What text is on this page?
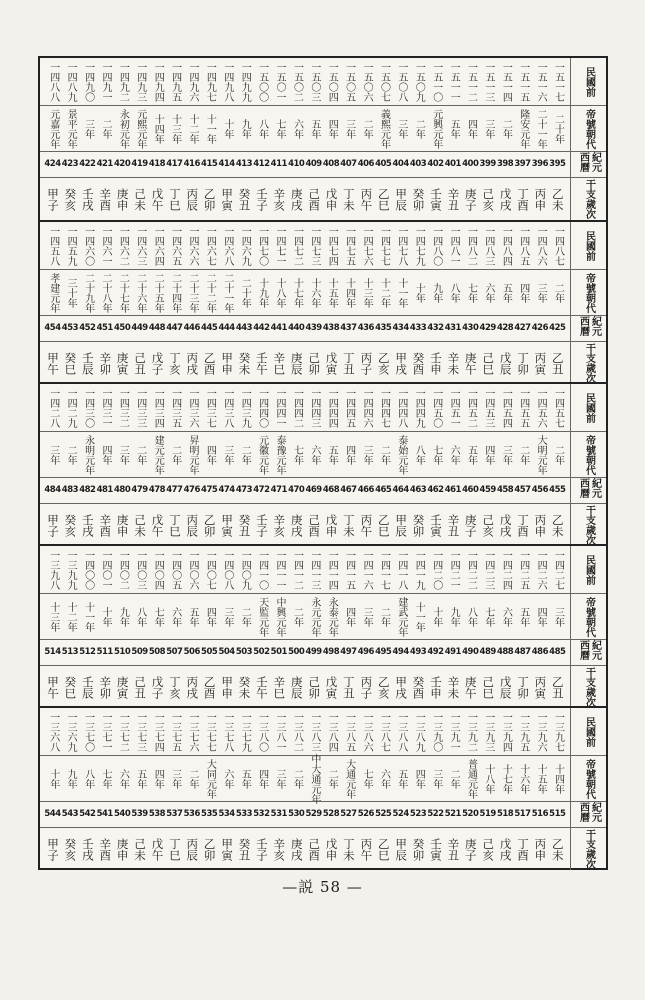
民國前
一五一七
一五一六
一五一五
一五一四
一五一三
一五一二
一五一一
一五一〇
一五〇九
一五〇八
一五〇七
一五〇六
一五〇五
一五〇四
一五〇三
一五〇二
一五〇一
一五〇〇
一四九九
一四九八
一四九七
一四九六
一四九五
一四九四
一四九三
一四九二
一四九一
一四九〇
一四八九
一四八八
帝號朝代
二十年
二十一年
隆安元年
二年
三年
四年
五年
元興元年
二年
三年
義熙元年
二年
三年
四年
五年
六年
七年
八年
九年
十年
十一年
十二年
十三年
十四年
元熙元年
永初元年
二年
三年
景平元年
元嘉元年
紀元西曆
395
396
397
398
399
400
401
402
403
404
405
406
407
408
409
410
411
412
413
414
415
416
417
418
419
420
421
422
423
424
干支歲次
乙未
丙申
丁酉
戊戌
己亥
庚子
辛丑
壬寅
癸卯
甲辰
乙巳
丙午
丁未
戊申
己酉
庚戌
辛亥
壬子
癸丑
甲寅
乙卯
丙辰
丁巳
戊午
己未
庚申
辛酉
壬戌
癸亥
甲子
民國前
一四八七
一四八六
一四八五
一四八四
一四八三
一四八二
一四八一
一四八〇
一四七九
一四七八
一四七七
一四七六
一四七五
一四七四
一四七三
一四七二
一四七一
一四七〇
一四六九
一四六八
一四六七
一四六六
一四六五
一四六四
一四六三
一四六二
一四六一
一四六〇
一四五九
一四五八
帝號朝代
二年
三年
四年
五年
六年
七年
八年
九年
十年
十一年
十二年
十三年
十四年
十五年
十六年
十七年
十八年
十九年
二十年
二十一年
二十二年
二十三年
二十四年
二十五年
二十六年
二十七年
二十八年
二十九年
三十年
孝建元年
紀元西曆
425
426
427
428
429
430
431
432
433
434
435
436
437
438
439
440
441
442
443
444
445
446
447
448
449
450
451
452
453
454
干支歲次
乙丑
丙寅
丁卯
戊辰
己巳
庚午
辛未
壬申
癸酉
甲戌
乙亥
丙子
丁丑
戊寅
己卯
庚辰
辛巳
壬午
癸未
甲申
乙酉
丙戌
丁亥
戊子
己丑
庚寅
辛卯
壬辰
癸巳
甲午
民國前
一四五七
一四五六
一四五五
一四五四
一四五三
一四五二
一四五一
一四五〇
一四四九
一四四八
一四四七
一四四六
一四四五
一四四四
一四四三
一四四二
一四四一
一四四〇
一四三九
一四三八
一四三七
一四三六
一四三五
一四三四
一四三三
一四三二
一四三一
一四三〇
一四二九
一四二八
帝號朝代
二年
大明元年
二年
三年
四年
五年
六年
七年
八年
泰始元年
二年
三年
四年
五年
六年
七年
泰豫元年
元徽元年
二年
三年
四年
昇明元年
二年
建元元年
二年
三年
四年
永明元年
二年
三年
紀元西曆
455
456
457
458
459
460
461
462
463
464
465
466
467
468
469
470
471
472
473
474
475
476
477
478
479
480
481
482
483
484
干支歲次
乙未
丙申
丁酉
戊戌
己亥
庚子
辛丑
壬寅
癸卯
甲辰
乙巳
丙午
丁未
戊申
己酉
庚戌
辛亥
壬子
癸丑
甲寅
乙卯
丙辰
丁巳
戊午
己未
庚申
辛酉
壬戌
癸亥
甲子
民國前
一四二七
一四二六
一四二五
一四二四
一四二三
一四二二
一四二一
一四二〇
一四一九
一四一八
一四一七
一四一六
一四一五
一四一四
一四一三
一四一二
一四一一
一四一〇
一四〇九
一四〇八
一四〇七
一四〇六
一四〇五
一四〇四
一四〇三
一四〇二
一四〇一
一四〇〇
一三九九
一三九八
帝號朝代
三年
四年
五年
六年
七年
八年
九年
十年
十一年
建武元年
二年
三年
四年
永泰元年
永元元年
二年
中興元年
天監元年
二年
三年
四年
五年
六年
七年
八年
九年
十年
十一年
十二年
十三年
紀元西曆
485
486
487
488
489
490
491
492
493
494
495
496
497
498
499
500
501
502
503
504
505
506
507
508
509
510
511
512
513
514
干支歲次
乙丑
丙寅
丁卯
戊辰
己巳
庚午
辛未
壬申
癸酉
甲戌
乙亥
丙子
丁丑
戊寅
己卯
庚辰
辛巳
壬午
癸未
甲申
乙酉
丙戌
丁亥
戊子
己丑
庚寅
辛卯
壬辰
癸巳
甲午
民國前
一三九七
一三九六
一三九五
一三九四
一三九三
一三九二
一三九一
一三九〇
一三八九
一三八八
一三八七
一三八六
一三八五
一三八四
一三八三
一三八二
一三八一
一三八〇
一三七九
一三七八
一三七七
一三七六
一三七五
一三七四
一三七三
一三七二
一三七一
一三七〇
一三六九
一三六八
帝號朝代
十四年
十五年
十六年
十七年
十八年
普通元年
二年
三年
四年
五年
六年
七年
大通元年
二年
中大通元年
二年
三年
四年
五年
六年
大同元年
二年
三年
四年
五年
六年
七年
八年
九年
十年
紀元西曆
515
516
517
518
519
520
521
522
523
524
525
526
527
528
529
530
531
532
533
534
535
536
537
538
539
540
541
542
543
544
干支歲次
乙未
丙申
丁酉
戊戌
己亥
庚子
辛丑
壬寅
癸卯
甲辰
乙巳
丙午
丁未
戊申
己酉
庚戌
辛亥
壬子
癸丑
甲寅
乙卯
丙辰
丁巳
戊午
己未
庚申
辛酉
壬戌
癸亥
甲子
—説 58 —
